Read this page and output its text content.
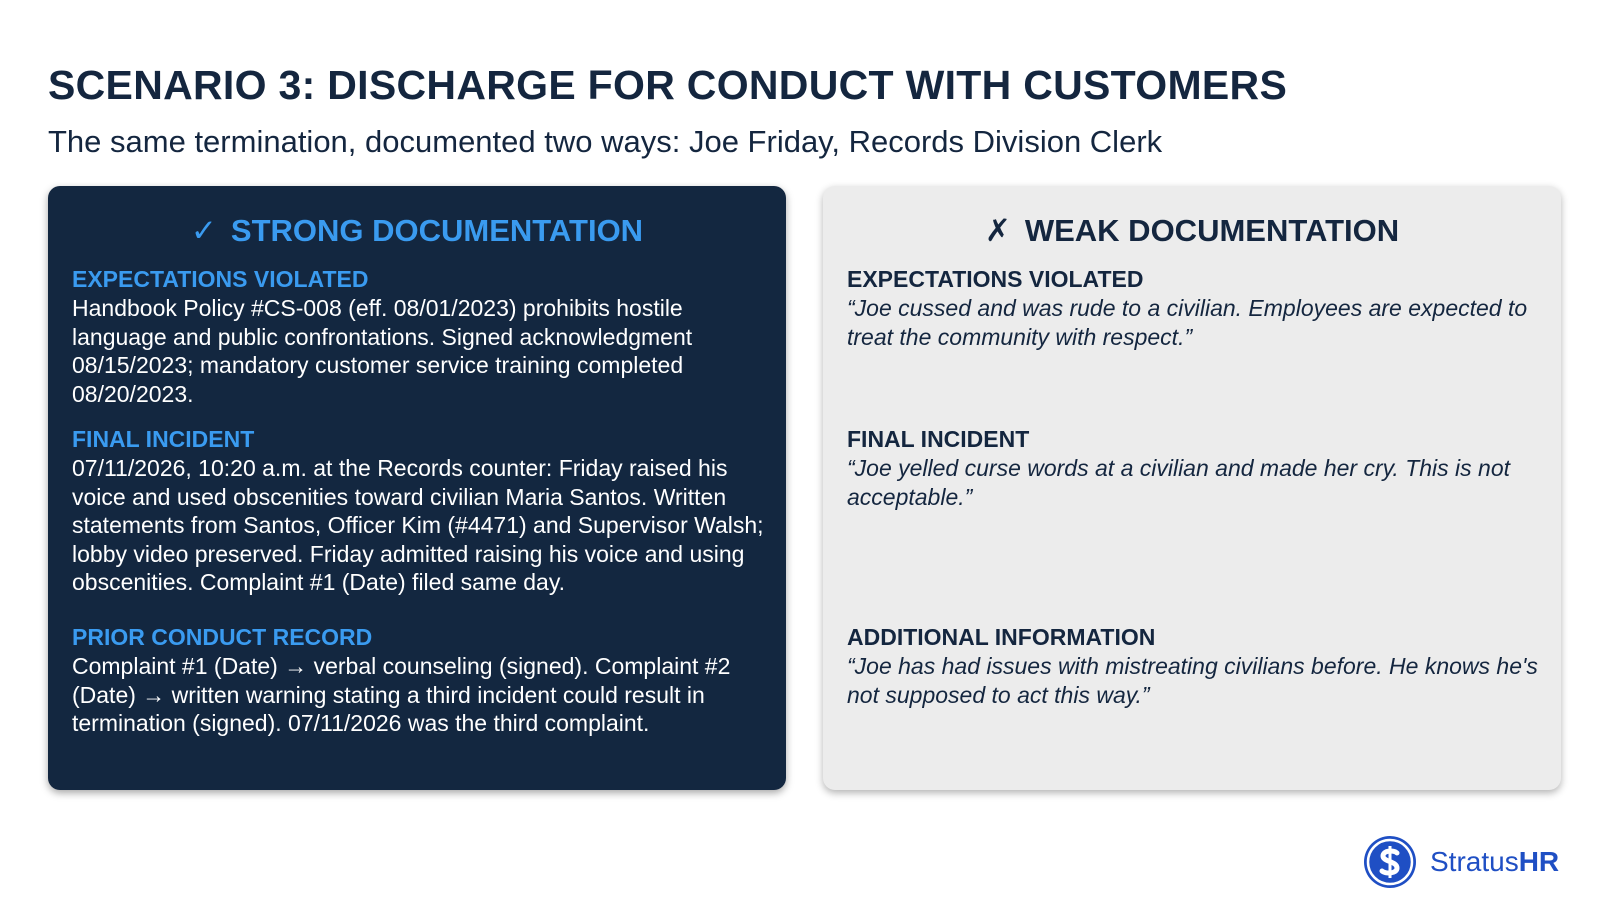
SCENARIO 3: DISCHARGE FOR CONDUCT WITH CUSTOMERS

The same termination, documented two ways: Joe Friday, Records Division Clerk

✓ STRONG DOCUMENTATION
EXPECTATIONS VIOLATED
Handbook Policy #CS-008 (eff. 08/01/2023) prohibits hostile language and public confrontations. Signed acknowledgment 08/15/2023; mandatory customer service training completed 08/20/2023.
FINAL INCIDENT
07/11/2026, 10:20 a.m. at the Records counter: Friday raised his voice and used obscenities toward civilian Maria Santos. Written statements from Santos, Officer Kim (#4471) and Supervisor Walsh; lobby video preserved. Friday admitted raising his voice and using obscenities. Complaint #1 (Date) filed same day.
PRIOR CONDUCT RECORD
Complaint #1 (Date) → verbal counseling (signed). Complaint #2 (Date) → written warning stating a third incident could result in termination (signed). 07/11/2026 was the third complaint.
✗ WEAK DOCUMENTATION
EXPECTATIONS VIOLATED
“Joe cussed and was rude to a civilian. Employees are expected to treat the community with respect.”
FINAL INCIDENT
“Joe yelled curse words at a civilian and made her cry. This is not acceptable.”
ADDITIONAL INFORMATION
“Joe has had issues with mistreating civilians before. He knows he's not supposed to act this way.”
StratusHR
